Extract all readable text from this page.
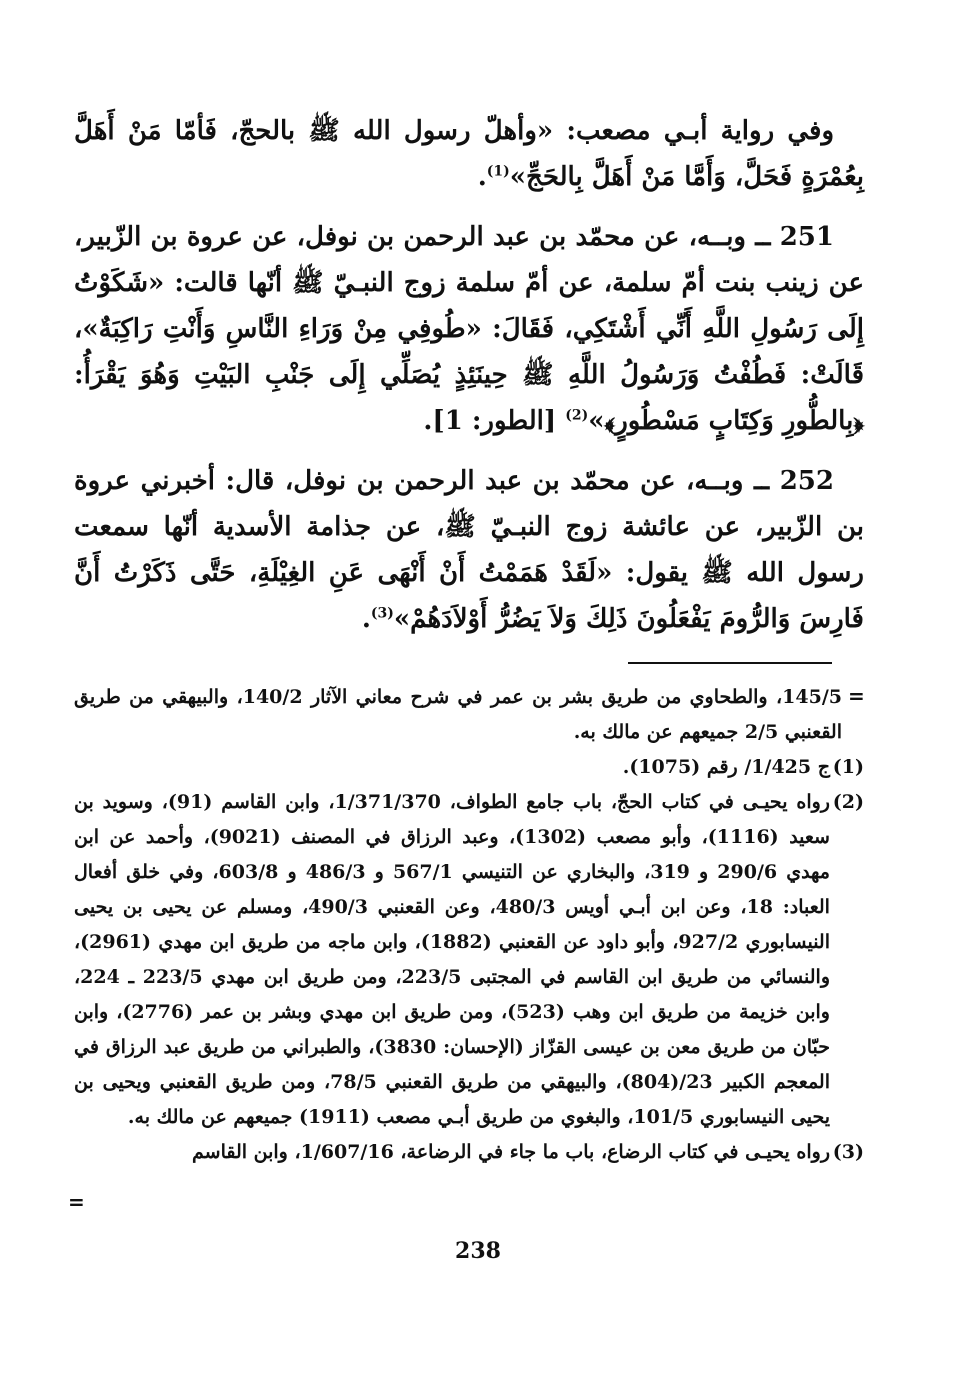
وفي رواية أبـي مصعب: «وأهلّ رسول الله ﷺ بالحجّ، فَأمّا مَنْ أَهَلَّ بِعُمْرَةٍ فَحَلَّ، وَأَمَّا مَنْ أَهَلَّ بِالحَجِّ»$^{(1)}$.

251 ــ وبــه، عن محمّد بن عبد الرحمن بن نوفل، عن عروة بن الزّبير، عن زينب بنت أمّ سلمة، عن أمّ سلمة زوج النبـيّ ﷺ أنّها قالت: «شَكَوْتُ إِلَى رَسُولِ اللَّهِ أَنِّي أَشْتَكِي، فَقَالَ: «طُوفِي مِنْ وَرَاءِ النَّاسِ وَأَنْتِ رَاكِبَةٌ»، قَالَتْ: فَطُفْتُ وَرَسُولُ اللَّهِ ﷺ حِينَئِذٍ يُصَلِّي إِلَى جَنْبِ البَيْتِ وَهُوَ يَقْرَأُ: ﴿بِالطُّورِ وَكِتَابٍ مَسْطُورٍ﴾»$^{(2)}$ [الطور: 1].

252 ــ وبــه، عن محمّد بن عبد الرحمن بن نوفل، قال: أخبرني عروة بن الزّبير، عن عائشة زوج النبـيّ ﷺ، عن جذامة الأسدية أنّها سمعت رسول الله ﷺ يقول: «لَقَدْ هَمَمْتُ أَنْ أَنْهَى عَنِ الغِيْلَةِ، حَتَّى ذَكَرْتُ أَنَّ فَارِسَ وَالرُّومَ يَفْعَلُونَ ذَلِكَ وَلاَ يَضُرُّ أَوْلاَدَهُمْ»$^{(3)}$.

=

145/5، والطحاوي من طريق بشر بن عمر في شرح معاني الآثار 140/2، والبيهقي من طريق القعنبي 2/5 جميعهم عن مالك به.

(1)
ج 1/425/ رقم (1075).

(2)
رواه يحيـى في كتاب الحجّ، باب جامع الطواف، 1/371/370، وابن القاسم (91)، وسويد بن سعيد (1116)، وأبو مصعب (1302)، وعبد الرزاق في المصنف (9021)، وأحمد عن ابن مهدي 290/6 و 319، والبخاري عن التنيسي 567/1 و 486/3 و 603/8، وفي خلق أفعال العباد: 18، وعن ابن أبـي أويس 480/3، وعن القعنبي 490/3، ومسلم عن يحيى بن يحيى النيسابوري 927/2، وأبو داود عن القعنبي (1882)، وابن ماجه من طريق ابن مهدي (2961)، والنسائي من طريق ابن القاسم في المجتبى 223/5، ومن طريق ابن مهدي 223/5 ـ 224، وابن خزيمة من طريق ابن وهب (523)، ومن طريق ابن مهدي وبشر بن عمر (2776)، وابن حبّان من طريق معن بن عيسى القزّاز (الإحسان: 3830)، والطبراني من طريق عبد الرزاق في المعجم الكبير 23/(804)، والبيهقي من طريق القعنبي 78/5، ومن طريق القعنبي ويحيى بن يحيى النيسابوري 101/5، والبغوي من طريق أبـي مصعب (1911) جميعهم عن مالك به.

(3)
رواه يحيـى في كتاب الرضاع، باب ما جاء في الرضاعة، 1/607/16، وابن القاسم

=
238
